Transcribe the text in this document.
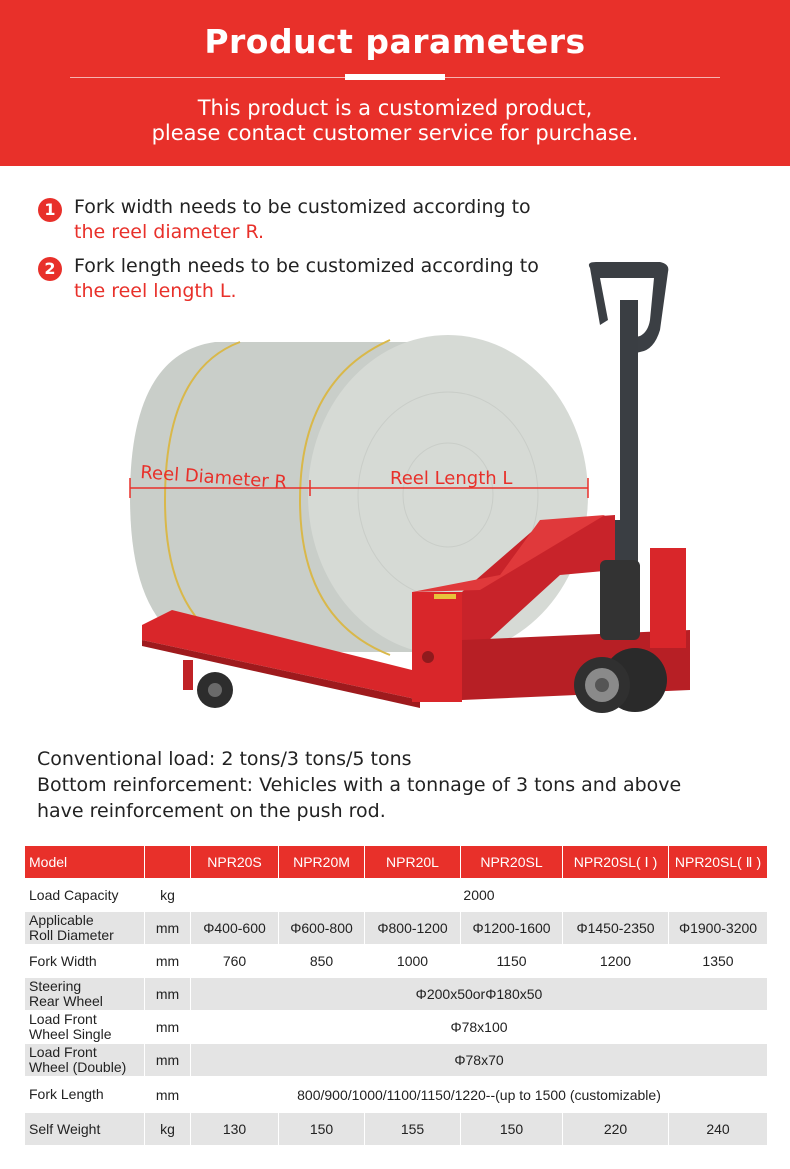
Product parameters
This product is a customized product,
please contact customer service for purchase.
1 Fork width needs to be customized according to
the reel diameter R.
2 Fork length needs to be customized according to
the reel length L.
Reel Diameter R	Reel Length L
Conventional load: 2 tons/3 tons/5 tons
Bottom reinforcement: Vehicles with a tonnage of 3 tons and above
have reinforcement on the push rod.
Model		NPR20S	NPR20M	NPR20L	NPR20SL	NPR20SL( Ⅰ )	NPR20SL( Ⅱ )
Load Capacity	kg	2000					

Applicable
Roll Diameter	mm	Φ400-600	Φ600-800	Φ800-1200	Φ1200-1600	Φ1450-2350	Φ1900-3200
Fork Width	mm	760	850	1000	1150	1200	1350

Steering
Rear Wheel	mm	Φ200x50orΦ180x50					

Load Front
Wheel Single	mm	Φ78x100					

Load Front
Wheel (Double)	mm	Φ78x70					
Fork Length	mm	800/900/1000/1100/1150/1220--(up to 1500 (customizable)					
Self Weight	kg	130	150	155	150	220	240
